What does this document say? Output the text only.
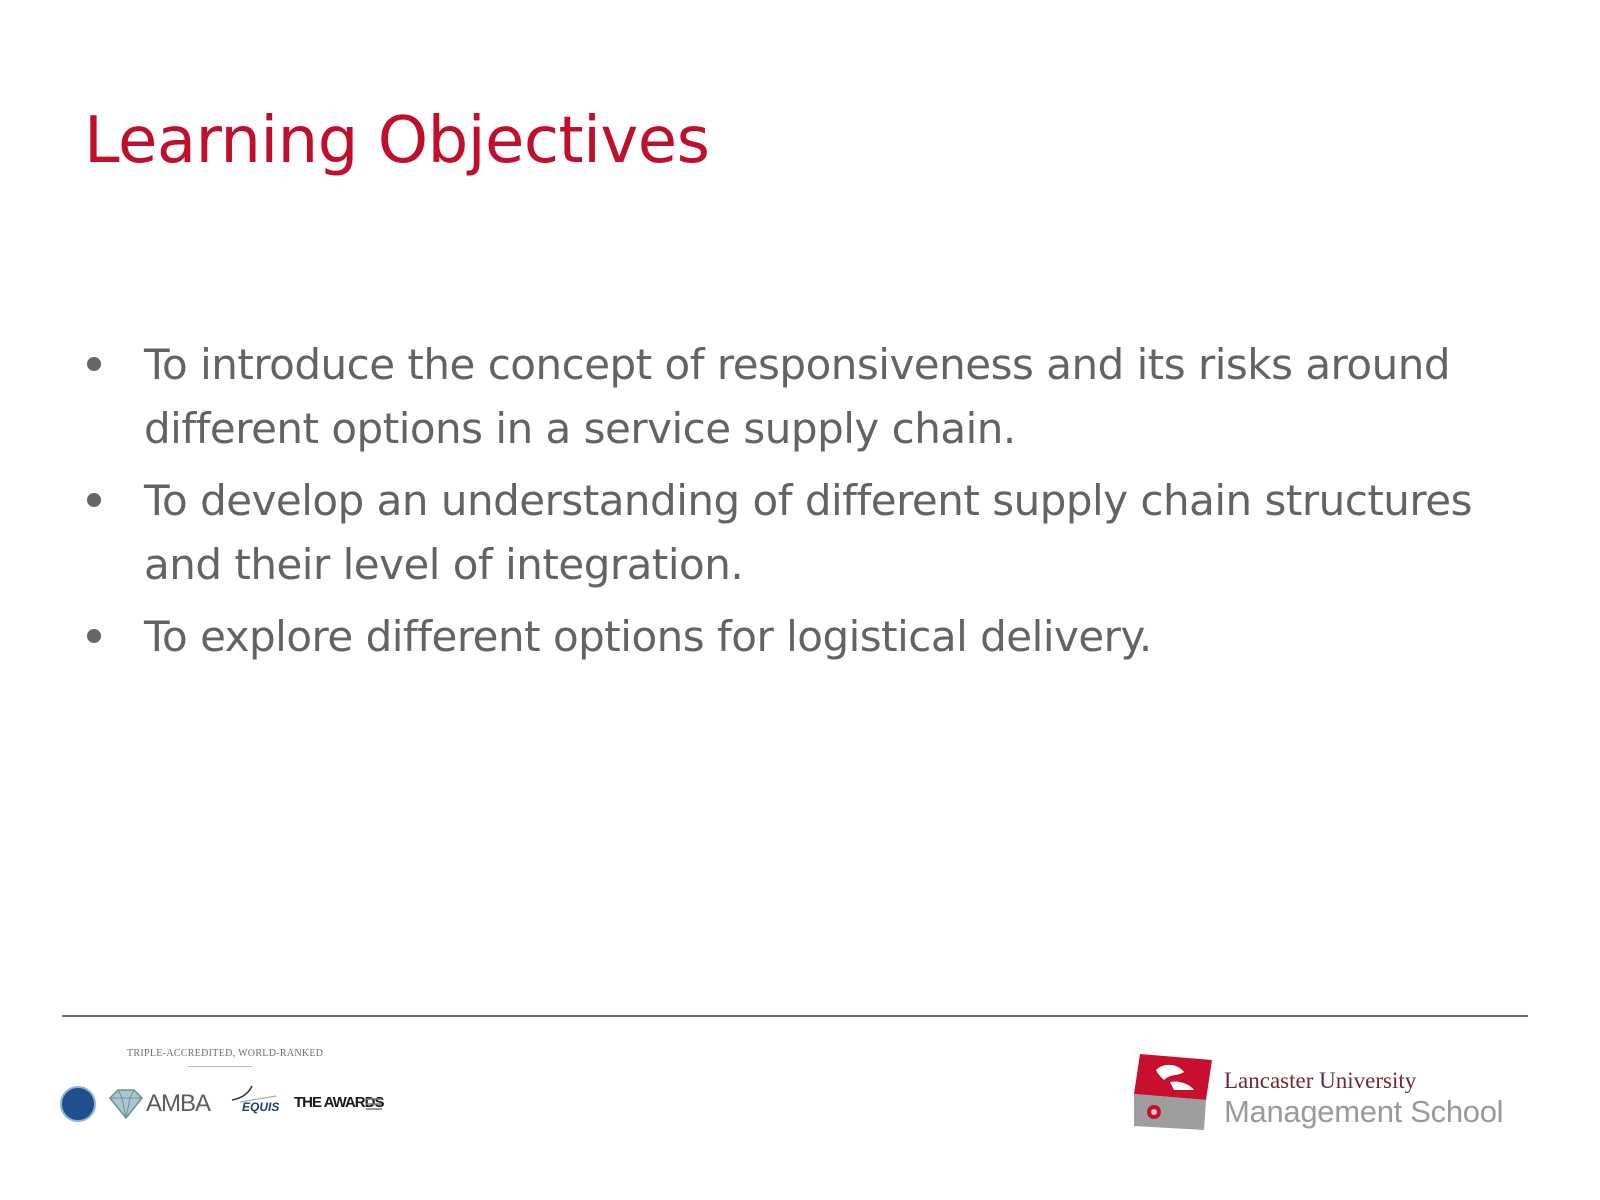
Learning Objectives
To introduce the concept of responsiveness and its risks around different options in a service supply chain.
To develop an understanding of different supply chain structures and their level of integration.
To explore different options for logistical delivery.
TRIPLE-ACCREDITED, WORLD-RANKED
AMBA	EQUIS THE AWARDS
Lancaster University
Management School
